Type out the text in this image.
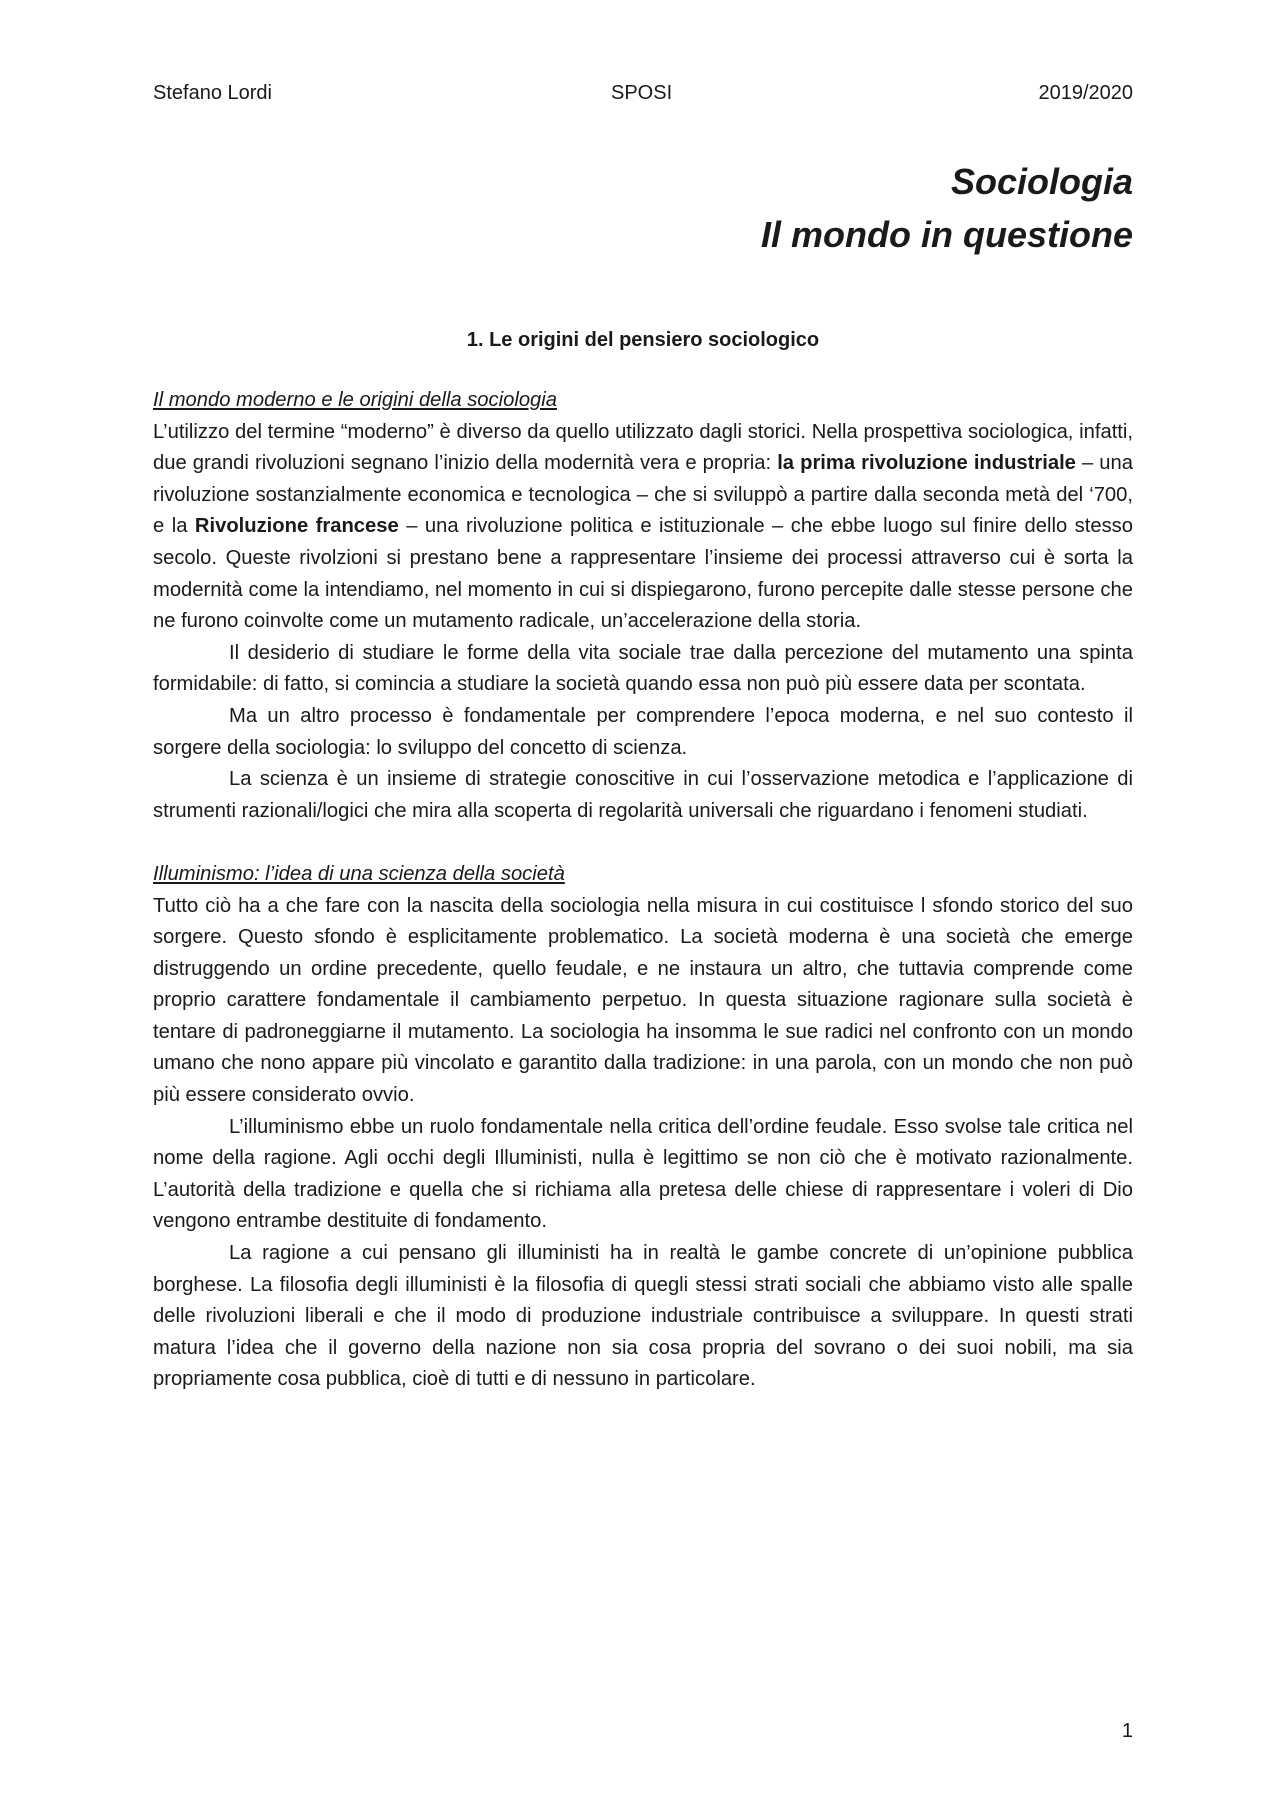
Stefano Lordi	SPOSI	2019/2020
Sociologia
Il mondo in questione
1. Le origini del pensiero sociologico
Il mondo moderno e le origini della sociologia

L’utilizzo del termine “moderno” è diverso da quello utilizzato dagli storici. Nella prospettiva sociologica, infatti, due grandi rivoluzioni segnano l’inizio della modernità vera e propria: la prima rivoluzione industriale – una rivoluzione sostanzialmente economica e tecnologica – che si sviluppò a partire dalla seconda metà del ‘700, e la Rivoluzione francese – una rivoluzione politica e istituzionale – che ebbe luogo sul finire dello stesso secolo. Queste rivolzioni si prestano bene a rappresentare l’insieme dei processi attraverso cui è sorta la modernità come la intendiamo, nel momento in cui si dispiegarono, furono percepite dalle stesse persone che ne furono coinvolte come un mutamento radicale, un’accelerazione della storia.

Il desiderio di studiare le forme della vita sociale trae dalla percezione del mutamento una spinta formidabile: di fatto, si comincia a studiare la società quando essa non può più essere data per scontata.

Ma un altro processo è fondamentale per comprendere l’epoca moderna, e nel suo contesto il sorgere della sociologia: lo sviluppo del concetto di scienza.

La scienza è un insieme di strategie conoscitive in cui l’osservazione metodica e l’applicazione di strumenti razionali/logici che mira alla scoperta di regolarità universali che riguardano i fenomeni studiati.

Illuminismo: l’idea di una scienza della società

Tutto ciò ha a che fare con la nascita della sociologia nella misura in cui costituisce l sfondo storico del suo sorgere. Questo sfondo è esplicitamente problematico. La società moderna è una società che emerge distruggendo un ordine precedente, quello feudale, e ne instaura un altro, che tuttavia comprende come proprio carattere fondamentale il cambiamento perpetuo. In questa situazione ragionare sulla società è tentare di padroneggiarne il mutamento. La sociologia ha insomma le sue radici nel confronto con un mondo umano che nono appare più vincolato e garantito dalla tradizione: in una parola, con un mondo che non può più essere considerato ovvio.

L’illuminismo ebbe un ruolo fondamentale nella critica dell’ordine feudale. Esso svolse tale critica nel nome della ragione. Agli occhi degli Illuministi, nulla è legittimo se non ciò che è motivato razionalmente. L’autorità della tradizione e quella che si richiama alla pretesa delle chiese di rappresentare i voleri di Dio vengono entrambe destituite di fondamento.

La ragione a cui pensano gli illuministi ha in realtà le gambe concrete di un’opinione pubblica borghese. La filosofia degli illuministi è la filosofia di quegli stessi strati sociali che abbiamo visto alle spalle delle rivoluzioni liberali e che il modo di produzione industriale contribuisce a sviluppare. In questi strati matura l’idea che il governo della nazione non sia cosa propria del sovrano o dei suoi nobili, ma sia propriamente cosa pubblica, cioè di tutti e di nessuno in particolare.

1
